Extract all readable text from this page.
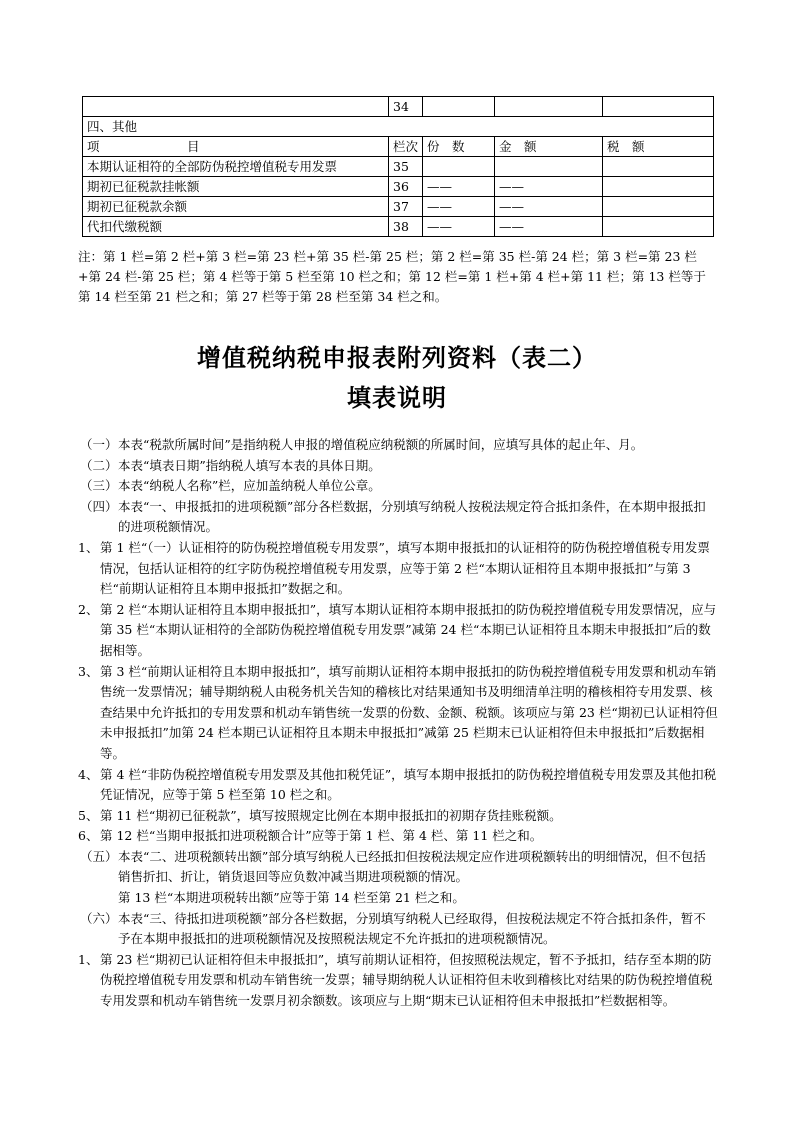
	34			
四、其他				
项　　　　　　　目	栏次	份　数	金　额	税　额
本期认证相符的全部防伪税控增值税专用发票	35			
期初已征税款挂帐额	36	——	——	
期初已征税款余额	37	——	——	
代扣代缴税额	38	——	——	
注：第 1 栏=第 2 栏+第 3 栏=第 23 栏+第 35 栏-第 25 栏；第 2 栏=第 35 栏-第 24 栏；第 3 栏=第 23 栏+第 24 栏-第 25 栏；第 4 栏等于第 5 栏至第 10 栏之和；第 12 栏=第 1 栏+第 4 栏+第 11 栏；第 13 栏等于第 14 栏至第 21 栏之和；第 27 栏等于第 28 栏至第 34 栏之和。
增值税纳税申报表附列资料（表二）
填表说明
（一） 本表“税款所属时间”是指纳税人申报的增值税应纳税额的所属时间，应填写具体的起止年、月。
（二） 本表“填表日期”指纳税人填写本表的具体日期。
（三） 本表“纳税人名称”栏，应加盖纳税人单位公章。
（四） 本表“一、申报抵扣的进项税额”部分各栏数据，分别填写纳税人按税法规定符合抵扣条件，在本期申报抵扣的进项税额情况。
1、 第 1 栏“（一）认证相符的防伪税控增值税专用发票”，填写本期申报抵扣的认证相符的防伪税控增值税专用发票情况，包括认证相符的红字防伪税控增值税专用发票，应等于第 2 栏“本期认证相符且本期申报抵扣”与第 3 栏“前期认证相符且本期申报抵扣”数据之和。
2、 第 2 栏“本期认证相符且本期申报抵扣”，填写本期认证相符本期申报抵扣的防伪税控增值税专用发票情况，应与第 35 栏“本期认证相符的全部防伪税控增值税专用发票”减第 24 栏“本期已认证相符且本期未申报抵扣”后的数据相等。
3、 第 3 栏“前期认证相符且本期申报抵扣”，填写前期认证相符本期申报抵扣的防伪税控增值税专用发票和机动车销售统一发票情况；辅导期纳税人由税务机关告知的稽核比对结果通知书及明细清单注明的稽核相符专用发票、核查结果中允许抵扣的专用发票和机动车销售统一发票的份数、金额、税额。该项应与第 23 栏“期初已认证相符但未申报抵扣”加第 24 栏本期已认证相符且本期未申报抵扣”减第 25 栏期末已认证相符但未申报抵扣”后数据相等。
4、 第 4 栏“非防伪税控增值税专用发票及其他扣税凭证”，填写本期申报抵扣的防伪税控增值税专用发票及其他扣税凭证情况，应等于第 5 栏至第 10 栏之和。
5、 第 11 栏“期初已征税款”，填写按照规定比例在本期申报抵扣的初期存货挂账税额。
6、 第 12 栏“当期申报抵扣进项税额合计”应等于第 1 栏、第 4 栏、第 11 栏之和。
（五） 本表“二、进项税额转出额”部分填写纳税人已经抵扣但按税法规定应作进项税额转出的明细情况，但不包括销售折扣、折让，销货退回等应负数冲减当期进项税额的情况。
第 13 栏“本期进项税转出额”应等于第 14 栏至第 21 栏之和。
（六） 本表“三、待抵扣进项税额”部分各栏数据，分别填写纳税人已经取得，但按税法规定不符合抵扣条件，暂不予在本期申报抵扣的进项税额情况及按照税法规定不允许抵扣的进项税额情况。
1、 第 23 栏“期初已认证相符但未申报抵扣”，填写前期认证相符，但按照税法规定，暂不予抵扣，结存至本期的防伪税控增值税专用发票和机动车销售统一发票；辅导期纳税人认证相符但未收到稽核比对结果的防伪税控增值税专用发票和机动车销售统一发票月初余额数。该项应与上期“期末已认证相符但未申报抵扣”栏数据相等。
